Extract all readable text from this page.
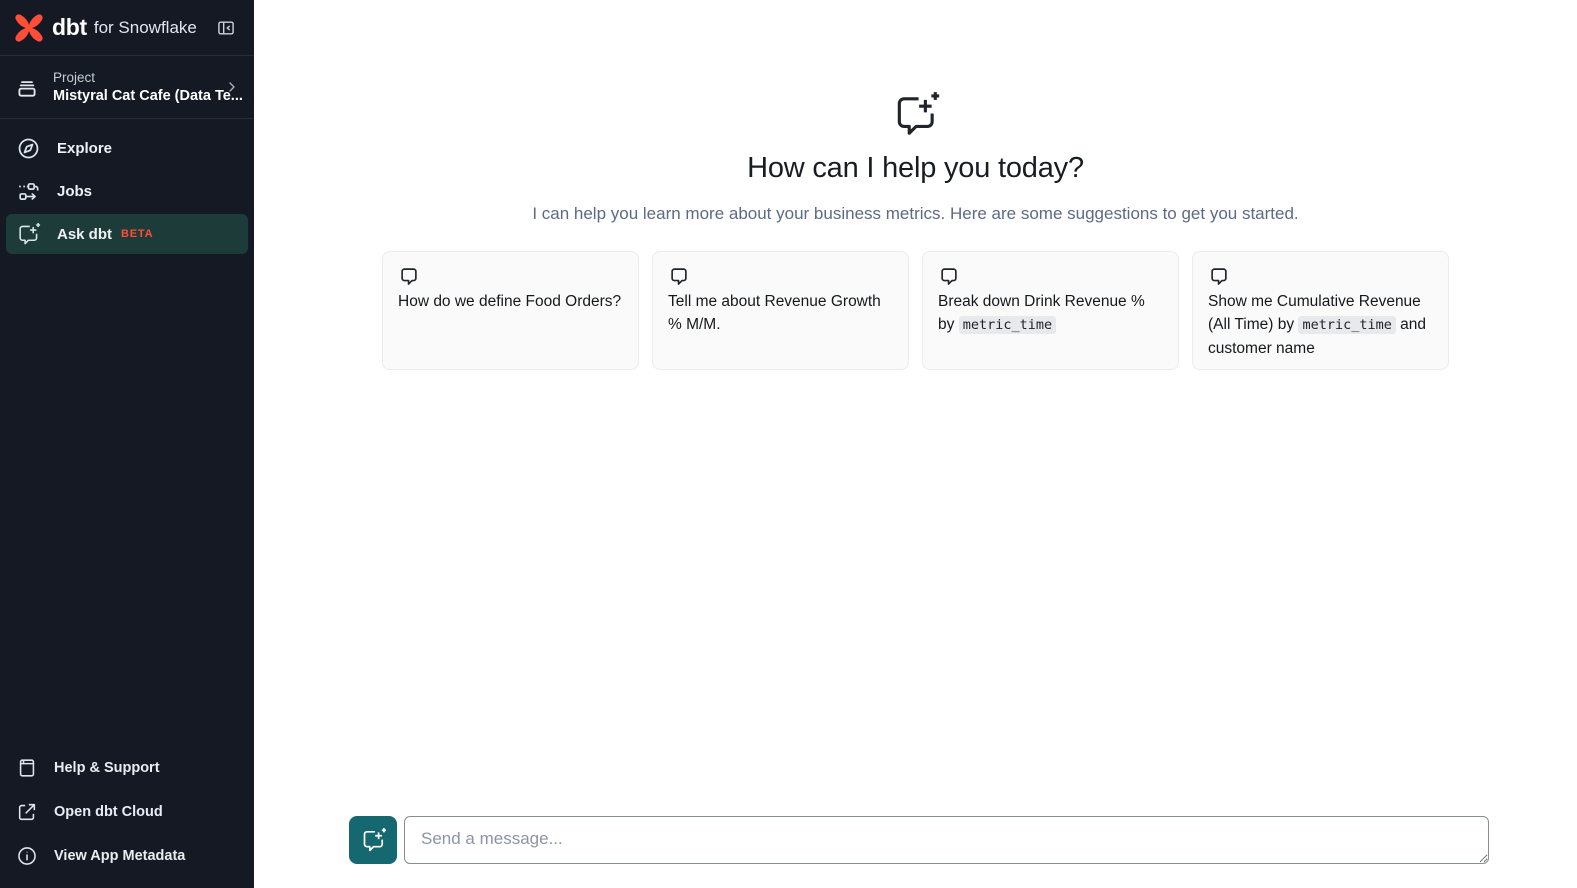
dbt for Snowflake
Project
Mistyral Cat Cafe (Data Te...
Explore
Jobs
Ask dbt BETA
Help & Support
Open dbt Cloud
View App Metadata
How can I help you today?

I can help you learn more about your business metrics. Here are some suggestions to get you started.

How do we define Food Orders?	Tell me about Revenue Growth % M/M.
Break down Drink Revenue % by metric_time
Show me Cumulative Revenue (All Time) by metric_time and customer name
Send a message...
